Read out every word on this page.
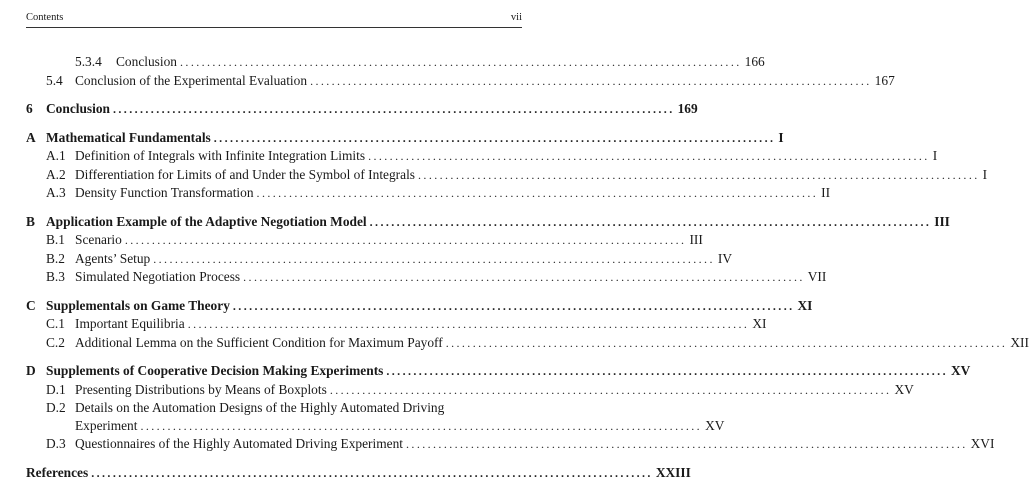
Contents	vii
5.3.4	Conclusion ........................................................................................................ 166
5.4 Conclusion of the Experimental Evaluation ........................................................................................................ 167
6 Conclusion ........................................................................................................ 169
A Mathematical Fundamentals ........................................................................................................ I
A.1 Definition of Integrals with Infinite Integration Limits ........................................................................................................ I
A.2 Differentiation for Limits of and Under the Symbol of Integrals ........................................................................................................ I
A.3 Density Function Transformation ........................................................................................................ II
B Application Example of the Adaptive Negotiation Model ........................................................................................................ III
B.1 Scenario ........................................................................................................ III
B.2 Agents’ Setup ........................................................................................................ IV
B.3 Simulated Negotiation Process ........................................................................................................ VII
C Supplementals on Game Theory ........................................................................................................ XI
C.1 Important Equilibria ........................................................................................................ XI
C.2 Additional Lemma on the Sufficient Condition for Maximum Payoff ........................................................................................................ XII
D Supplements of Cooperative Decision Making Experiments ........................................................................................................ XV
D.1 Presenting Distributions by Means of Boxplots ........................................................................................................ XV
D.2 Details on the Automation Designs of the Highly Automated Driving
Experiment ........................................................................................................ XV
D.3 Questionnaires of the Highly Automated Driving Experiment ........................................................................................................ XVI
References ........................................................................................................ XXIII
